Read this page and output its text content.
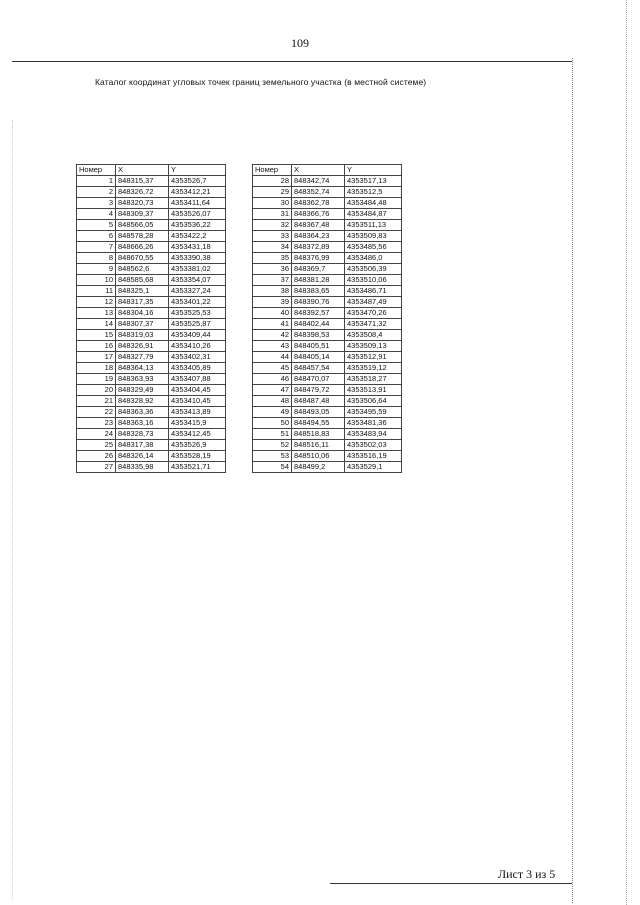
109
Каталог координат угловых точек границ земельного участка (в местной системе)
Номер	X	Y
1	848315,37	4353526,7
2	848326,72	4353412,21
3	848320,73	4353411,64
4	848309,37	4353526,07
5	848566,05	4353536,22
6	848578,28	4353422,2
7	848666,26	4353431,18
8	848670,55	4353390,38
9	848562,6	4353381,02
10	848585,68	4353354,07
11	848325,1	4353327,24
12	848317,35	4353401,22
13	848304,16	4353525,53
14	848307,37	4353525,87
15	848319,03	4353409,44
16	848326,91	4353410,26
17	848327,79	4353402,31
18	848364,13	4353405,89
19	848363,93	4353407,88
20	848329,49	4353404,45
21	848328,92	4353410,45
22	848363,36	4353413,89
23	848363,16	4353415,9
24	848328,73	4353412,45
25	848317,38	4353526,9
26	848326,14	4353528,19
27	848335,98	4353521,71
Номер	X	Y
28	848342,74	4353517,13
29	848352,74	4353512,5
30	848362,78	4353484,48
31	848366,76	4353484,87
32	848367,48	4353511,13
33	848364,23	4353509,83
34	848372,89	4353485,56
35	848376,99	4353486,0
36	848369,7	4353506,39
37	848381,28	4353510,06
38	848383,65	4353486,71
39	848390,76	4353487,49
40	848392,57	4353470,26
41	848402,44	4353471,32
42	848398,53	4353508,4
43	848405,51	4353509,13
44	848405,14	4353512,91
45	848457,54	4353519,12
46	848470,07	4353518,27
47	848479,72	4353513,91
48	848487,48	4353506,64
49	848493,05	4353495,59
50	848494,55	4353481,36
51	848518,83	4353483,94
52	848516,11	4353502,03
53	848510,06	4353516,19
54	848499,2	4353529,1
Лист 3 из 5
